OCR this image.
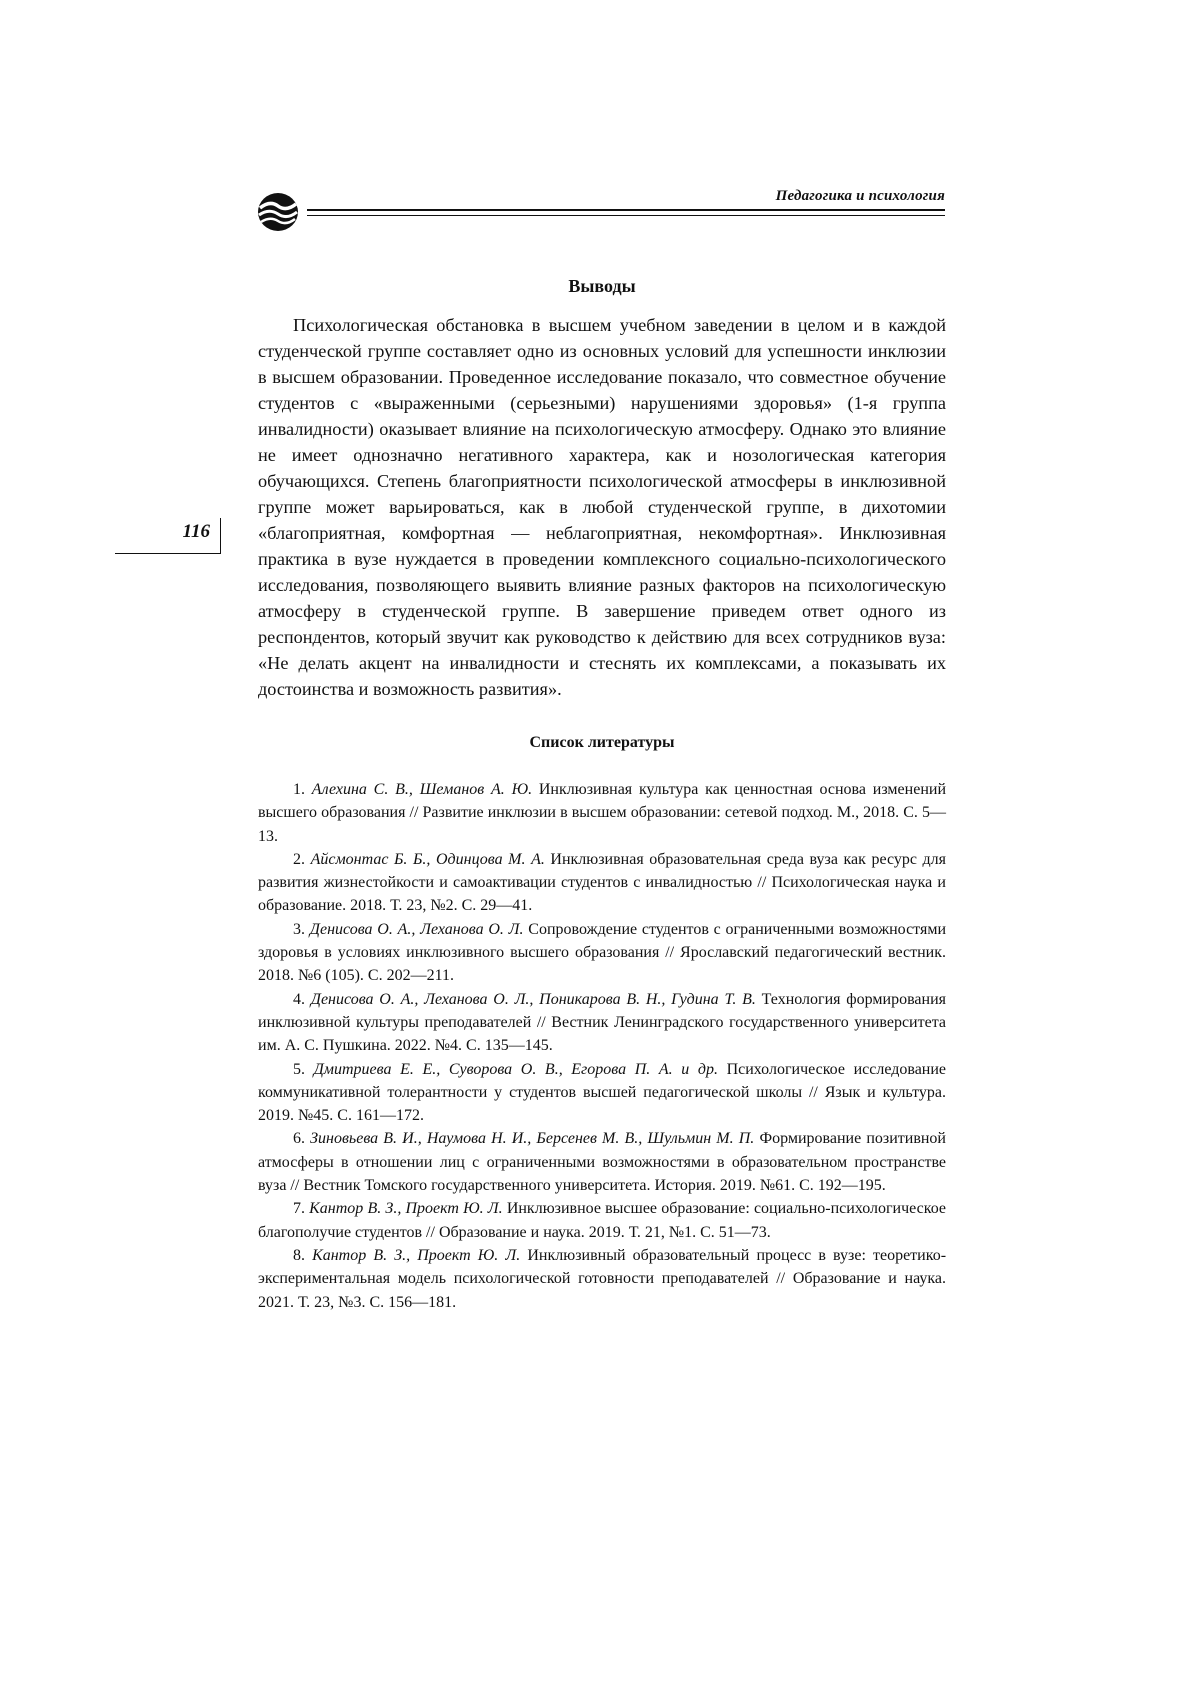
Педагогика и психология
116
Выводы

Психологическая обстановка в высшем учебном заведении в целом и в каждой студенческой группе составляет одно из основных условий для успешности инклюзии в высшем образовании. Проведенное исследование показало, что совместное обучение студентов с «выраженными (серьезными) нарушениями здоровья» (1-я группа инвалидности) оказывает влияние на психологическую атмосферу. Однако это влияние не имеет однозначно негативного характера, как и нозологическая категория обучающихся. Степень благоприятности психологической атмосферы в инклюзивной группе может варьироваться, как в любой студенческой группе, в дихотомии «благоприятная, комфортная — неблагоприятная, некомфортная». Инклюзивная практика в вузе нуждается в проведении комплексного социально-психологического исследования, позволяющего выявить влияние разных факторов на психологическую атмосферу в студенческой группе. В завершение приведем ответ одного из респондентов, который звучит как руководство к действию для всех сотрудников вуза: «Не делать акцент на инвалидности и стеснять их комплексами, а показывать их достоинства и возможность развития».

Список литературы

1. Алехина С. В., Шеманов А. Ю. Инклюзивная культура как ценностная основа изменений высшего образования // Развитие инклюзии в высшем образовании: сетевой подход. М., 2018. С. 5—13.

2. Айсмонтас Б. Б., Одинцова М. А. Инклюзивная образовательная среда вуза как ресурс для развития жизнестойкости и самоактивации студентов с инвалидностью // Психологическая наука и образование. 2018. Т. 23, №2. С. 29—41.

3. Денисова О. А., Леханова О. Л. Сопровождение студентов с ограниченными возможностями здоровья в условиях инклюзивного высшего образования // Ярославский педагогический вестник. 2018. №6 (105). С. 202—211.

4. Денисова О. А., Леханова О. Л., Поникарова В. Н., Гудина Т. В. Технология формирования инклюзивной культуры преподавателей // Вестник Ленинградского государственного университета им. А. С. Пушкина. 2022. №4. С. 135—145.

5. Дмитриева Е. Е., Суворова О. В., Егорова П. А. и др. Психологическое исследование коммуникативной толерантности у студентов высшей педагогической школы // Язык и культура. 2019. №45. С. 161—172.

6. Зиновьева В. И., Наумова Н. И., Берсенев М. В., Шульмин М. П. Формирование позитивной атмосферы в отношении лиц с ограниченными возможностями в образовательном пространстве вуза // Вестник Томского государственного университета. История. 2019. №61. С. 192—195.

7. Кантор В. З., Проект Ю. Л. Инклюзивное высшее образование: социально-психологическое благополучие студентов // Образование и наука. 2019. Т. 21, №1. С. 51—73.

8. Кантор В. З., Проект Ю. Л. Инклюзивный образовательный процесс в вузе: теоретико-экспериментальная модель психологической готовности преподавателей // Образование и наука. 2021. Т. 23, №3. С. 156—181.
